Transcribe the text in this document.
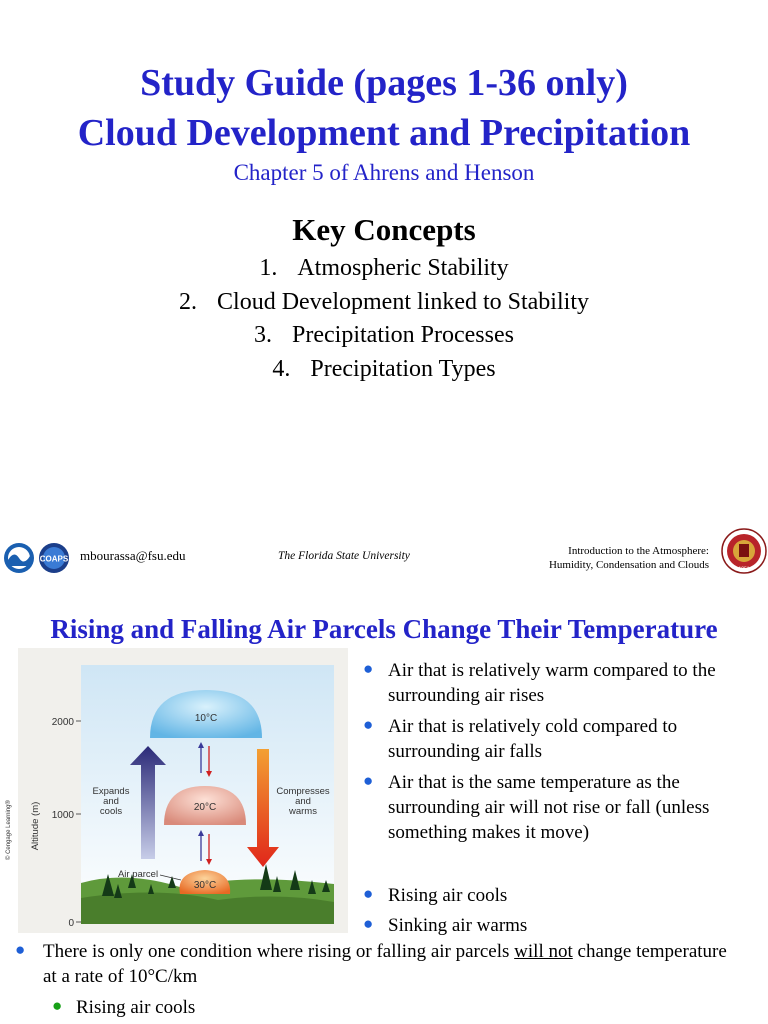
Study Guide (pages 1-36 only)
Cloud Development and Precipitation
Chapter 5 of Ahrens and Henson
Key Concepts
1. Atmospheric Stability
2. Cloud Development linked to Stability
3. Precipitation Processes
4. Precipitation Types
COAPS mbourassa@fsu.edu	The Florida State University	Introduction to the Atmosphere:
Humidity, Condensation and Clouds	1851
Rising and Falling Air Parcels Change Their Temperature
Altitude (m)
2000
1000
0
10°C
20°C
30°C
Expands
and
cools
Compresses
and
warms
Air parcel
© Cengage Learning®
● Air that is relatively warm compared to the surrounding air rises
● Air that is relatively cold compared to surrounding air falls
● Air that is the same temperature as the surrounding air will not rise or fall (unless something makes it move)
● Rising air cools
● Sinking air warms
● There is only one condition where rising or falling air parcels will not change temperature at a rate of 10°C/km
● Rising air cools
